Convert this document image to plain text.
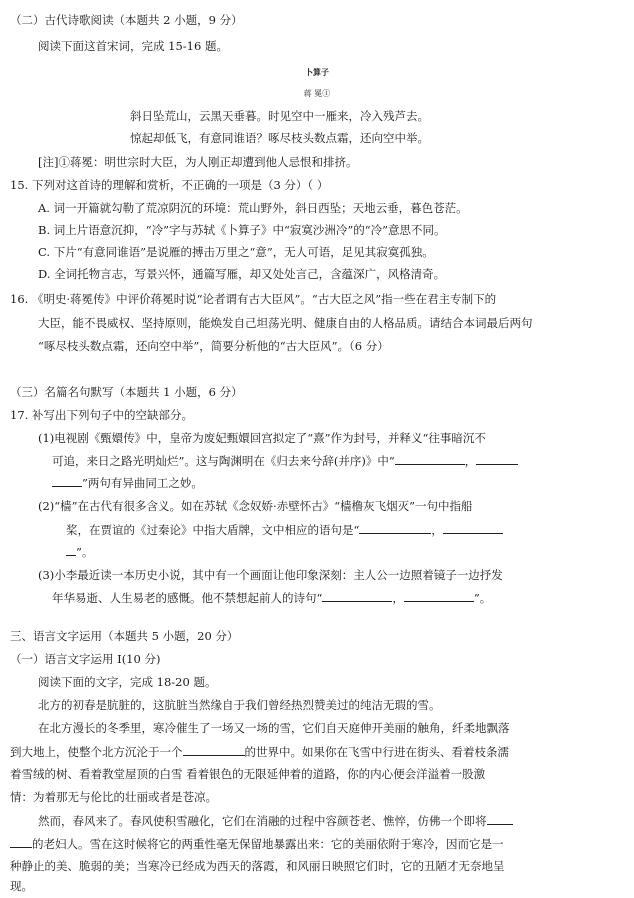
（二）古代诗歌阅读（本题共 2 小题，9 分）
阅读下面这首宋词，完成 15-16 题。
卜算子
蒋 冕①
斜日坠荒山，云黑天垂暮。时见空中一雁来，冷入残芦去。
惊起却低飞，有意同谁语？啄尽枝头数点霜，还向空中举。
[注]①蒋冕：明世宗时大臣，为人刚正却遭到他人忌恨和排挤。
15. 下列对这首诗的理解和赏析，不正确的一项是（3 分）（ ）
A. 词一开篇就勾勒了荒凉阴沉的环境：荒山野外，斜日西坠；天地云垂，暮色苍茫。
B. 词上片语意沉抑，“冷”字与苏轼《卜算子》中“寂寞沙洲冷”的“冷”意思不同。
C. 下片“有意同谁语”是说雁的搏击万里之“意”，无人可语，足见其寂寞孤独。
D. 全词托物言志，写景兴怀，通篇写雁，却又处处言己，含蕴深广，风格清奇。
16. 《明史·蒋冕传》中评价蒋冕时说“论者谓有古大臣风”。“古大臣之风”指一些在君主专制下的
大臣，能不畏威权、坚持原则，能焕发自己坦荡光明、健康自由的人格品质。请结合本词最后两句
“啄尽枝头数点霜，还向空中举”，简要分析他的“古大臣风”。（6 分）
（三）名篇名句默写（本题共 1 小题，6 分）
17. 补写出下列句子中的空缺部分。
(1)电视剧《甄嬛传》中，皇帝为废妃甄嬛回宫拟定了“熹”作为封号，并释义“往事暗沉不
可追，来日之路光明灿烂”。这与陶渊明在《归去来兮辞(并序)》中“	，
”两句有异曲同工之妙。
(2)“樯”在古代有很多含义。如在苏轼《念奴娇·赤壁怀古》“樯橹灰飞烟灭”一句中指船
桨，在贾谊的《过秦论》中指大盾牌，文中相应的语句是“	，
”。
(3)小李最近读一本历史小说，其中有一个画面让他印象深刻：主人公一边照着镜子一边抒发
年华易逝、人生易老的感慨。他不禁想起前人的诗句“	，	”。
三、语言文字运用（本题共 5 小题，20 分）
（一）语言文字运用 Ⅰ(10 分)
阅读下面的文字，完成 18-20 题。
北方的初春是肮脏的，这肮脏当然缘自于我们曾经热烈赞美过的纯洁无瑕的雪。
在北方漫长的冬季里，寒冷催生了一场又一场的雪，它们自天庭伸开美丽的触角，纤柔地飘落
到大地上，使整个北方沉沦于一个	的世界中。如果你在飞雪中行进在街头、看着枝条濡
着雪绒的树、看着教堂屋顶的白雪 看着银色的无限延伸着的道路，你的内心便会洋溢着一股激
情：为着那无与伦比的壮丽或者是苍凉。
然而，春风来了。春风使积雪融化，它们在消融的过程中容颜苍老、憔悴，仿佛一个即将
的老妇人。雪在这时候将它的两重性毫无保留地暴露出来：它的美丽依附于寒冷，因而它是一
种静止的美、脆弱的美；当寒冷已经成为西天的落霞，和风丽日映照它们时，它的丑陋才无奈地呈
现。
